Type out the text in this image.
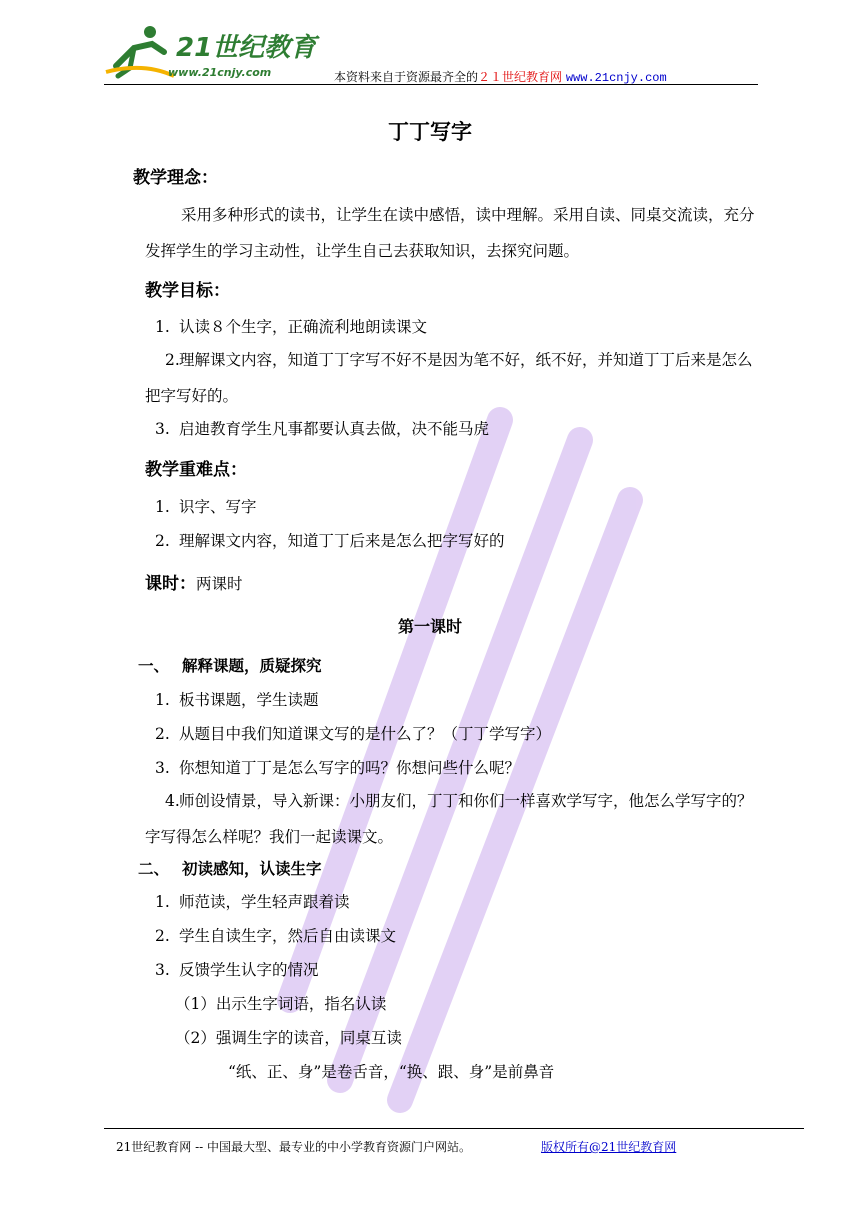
21世纪教育
www.21cnjy.com	本资料来自于资源最齐全的２１世纪教育网 www.21cnjy.com
丁丁写字
教学理念：
采用多种形式的读书，让学生在读中感悟，读中理解。采用自读、同桌交流读，充分发挥学生的学习主动性，让学生自己去获取知识，去探究问题。
教学目标：
1. 认读８个生字，正确流利地朗读课文
2.理解课文内容，知道丁丁字写不好不是因为笔不好，纸不好，并知道丁丁后来是怎么把字写好的。
3. 启迪教育学生凡事都要认真去做，决不能马虎
教学重难点：
1. 识字、写字
2. 理解课文内容，知道丁丁后来是怎么把字写好的
课时：两课时
第一课时
一、 解释课题，质疑探究
1. 板书课题，学生读题
2. 从题目中我们知道课文写的是什么了？（丁丁学写字）
3. 你想知道丁丁是怎么写字的吗？你想问些什么呢？
4.师创设情景，导入新课：小朋友们，丁丁和你们一样喜欢学写字，他怎么学写字的？字写得怎么样呢？我们一起读课文。
二、 初读感知，认读生字
1. 师范读，学生轻声跟着读
2. 学生自读生字，然后自由读课文
3. 反馈学生认字的情况
（1）出示生字词语，指名认读
（2）强调生字的读音，同桌互读
“纸、正、身”是卷舌音，“换、跟、身”是前鼻音
21世纪教育网 -- 中国最大型、最专业的中小学教育资源门户网站。	版权所有@21世纪教育网
